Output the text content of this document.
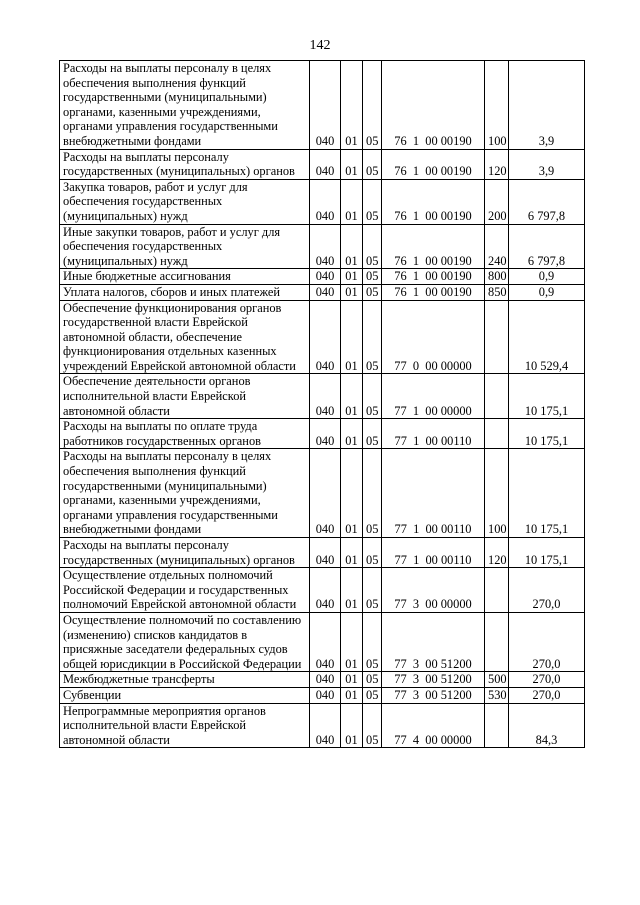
142
Расходы на выплаты персоналу в целях обеспечения выполнения функций государственными (муниципальными) органами, казенными учреждениями, органами управления государственными внебюджетными фондами	040	01	05	76  1  00 00190	100	3,9
Расходы на выплаты персоналу государственных (муниципальных) органов	040	01	05	76  1  00 00190	120	3,9
Закупка товаров, работ и услуг для обеспечения государственных (муниципальных) нужд	040	01	05	76  1  00 00190	200	6 797,8
Иные закупки товаров, работ и услуг для обеспечения государственных (муниципальных) нужд	040	01	05	76  1  00 00190	240	6 797,8
Иные бюджетные ассигнования	040	01	05	76  1  00 00190	800	0,9
Уплата налогов, сборов и иных платежей	040	01	05	76  1  00 00190	850	0,9
Обеспечение функционирования органов государственной власти Еврейской автономной области, обеспечение функционирования отдельных казенных учреждений Еврейской автономной области	040	01	05	77  0  00 00000		10 529,4
Обеспечение деятельности органов исполнительной власти Еврейской автономной области	040	01	05	77  1  00 00000		10 175,1
Расходы на выплаты по оплате труда работников государственных органов	040	01	05	77  1  00 00110		10 175,1
Расходы на выплаты персоналу в целях обеспечения выполнения функций государственными (муниципальными) органами, казенными учреждениями, органами управления государственными внебюджетными фондами	040	01	05	77  1  00 00110	100	10 175,1
Расходы на выплаты персоналу государственных (муниципальных) органов	040	01	05	77  1  00 00110	120	10 175,1
Осуществление отдельных полномочий Российской Федерации и государственных полномочий Еврейской автономной области	040	01	05	77  3  00 00000		270,0
Осуществление полномочий по составлению (изменению) списков кандидатов в присяжные заседатели федеральных судов общей юрисдикции в Российской Федерации	040	01	05	77  3  00 51200		270,0
Межбюджетные трансферты	040	01	05	77  3  00 51200	500	270,0
Субвенции	040	01	05	77  3  00 51200	530	270,0
Непрограммные мероприятия органов исполнительной власти Еврейской автономной области	040	01	05	77  4  00 00000		84,3
